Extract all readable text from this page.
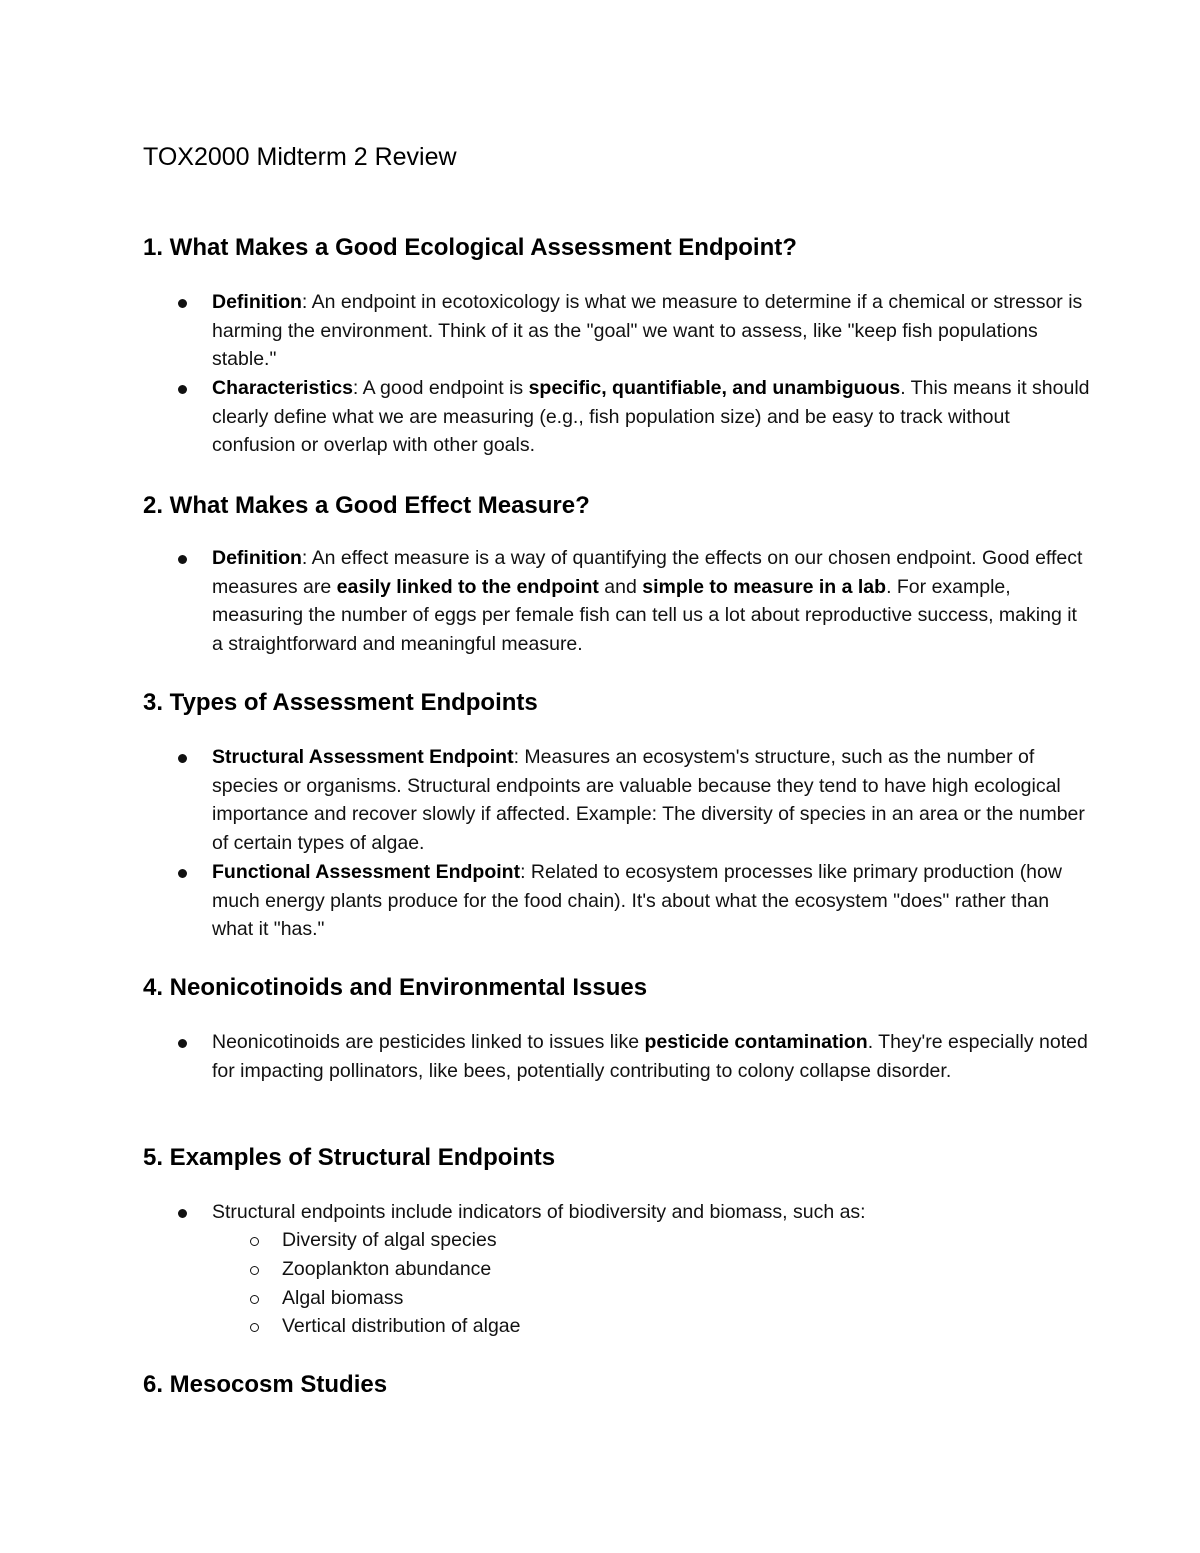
TOX2000 Midterm 2 Review
1. What Makes a Good Ecological Assessment Endpoint?

Definition: An endpoint in ecotoxicology is what we measure to determine if a chemical or stressor is harming the environment. Think of it as the "goal" we want to assess, like "keep fish populations stable."

Characteristics: A good endpoint is specific, quantifiable, and unambiguous. This means it should clearly define what we are measuring (e.g., fish population size) and be easy to track without confusion or overlap with other goals.

2. What Makes a Good Effect Measure?

Definition: An effect measure is a way of quantifying the effects on our chosen endpoint. Good effect measures are easily linked to the endpoint and simple to measure in a lab. For example, measuring the number of eggs per female fish can tell us a lot about reproductive success, making it a straightforward and meaningful measure.

3. Types of Assessment Endpoints

Structural Assessment Endpoint: Measures an ecosystem's structure, such as the number of species or organisms. Structural endpoints are valuable because they tend to have high ecological importance and recover slowly if affected. Example: The diversity of species in an area or the number of certain types of algae.

Functional Assessment Endpoint: Related to ecosystem processes like primary production (how much energy plants produce for the food chain). It's about what the ecosystem "does" rather than what it "has."

4. Neonicotinoids and Environmental Issues

Neonicotinoids are pesticides linked to issues like pesticide contamination. They're especially noted for impacting pollinators, like bees, potentially contributing to colony collapse disorder.

5. Examples of Structural Endpoints

Structural endpoints include indicators of biodiversity and biomass, such as:

Diversity of algal species

Zooplankton abundance

Algal biomass

Vertical distribution of algae

6. Mesocosm Studies
